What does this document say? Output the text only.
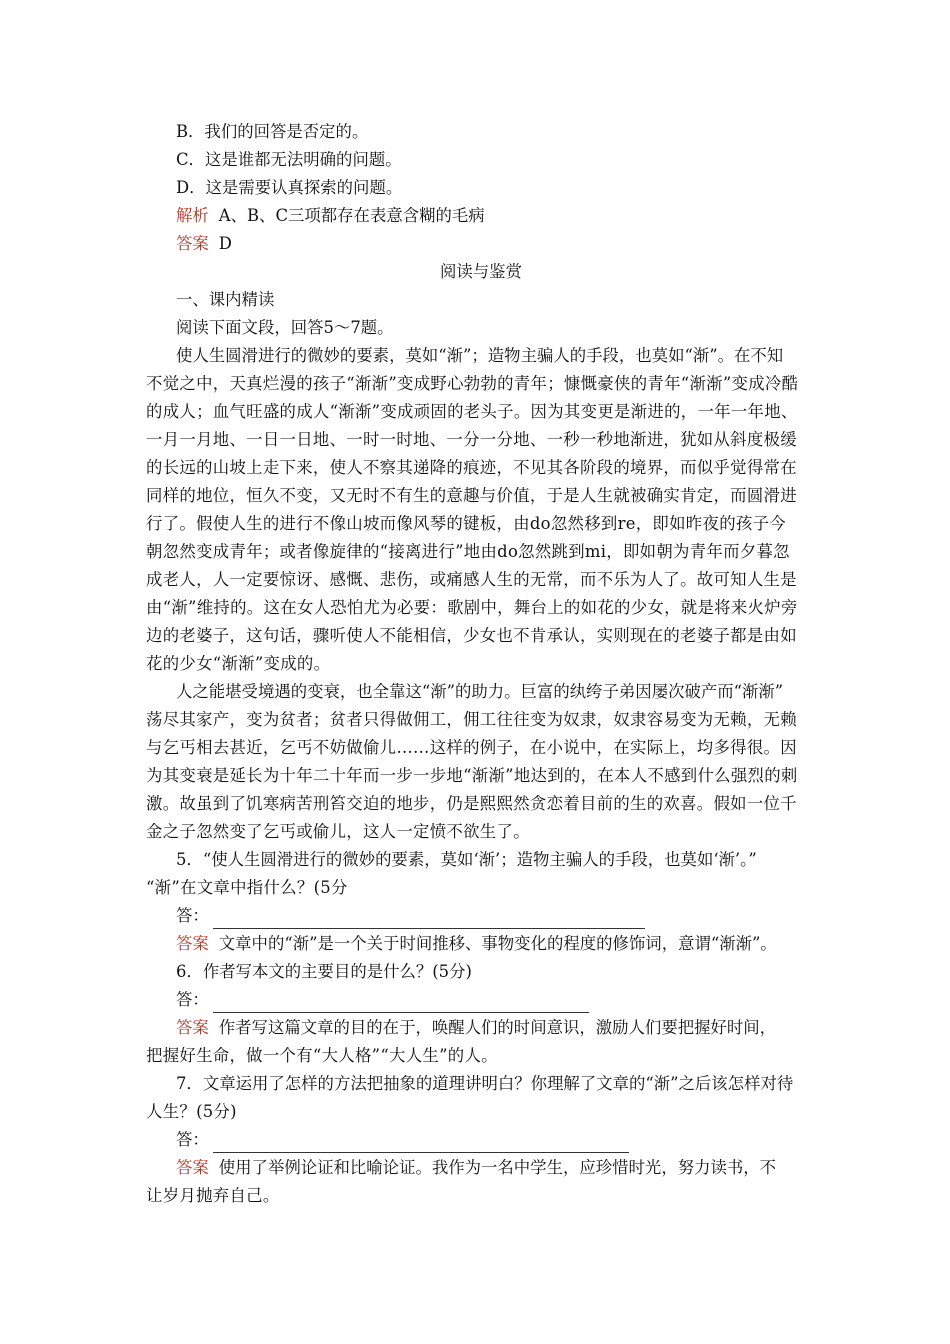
B．我们的回答是否定的。
C．这是谁都无法明确的问题。
D．这是需要认真探索的问题。
解析 A、B、C三项都存在表意含糊的毛病
答案 D
阅读与鉴赏
一、课内精读
阅读下面文段，回答5～7题。
使人生圆滑进行的微妙的要素，莫如“渐”；造物主骗人的手段，也莫如“渐”。在不知
不觉之中，天真烂漫的孩子“渐渐”变成野心勃勃的青年；慷慨豪侠的青年“渐渐”变成冷酷
的成人；血气旺盛的成人“渐渐”变成顽固的老头子。因为其变更是渐进的，一年一年地、
一月一月地、一日一日地、一时一时地、一分一分地、一秒一秒地渐进，犹如从斜度极缓
的长远的山坡上走下来，使人不察其递降的痕迹，不见其各阶段的境界，而似乎觉得常在
同样的地位，恒久不变，又无时不有生的意趣与价值，于是人生就被确实肯定，而圆滑进
行了。假使人生的进行不像山坡而像风琴的键板，由do忽然移到re，即如昨夜的孩子今
朝忽然变成青年；或者像旋律的“接离进行”地由do忽然跳到mi，即如朝为青年而夕暮忽
成老人，人一定要惊讶、感慨、悲伤，或痛感人生的无常，而不乐为人了。故可知人生是
由“渐”维持的。这在女人恐怕尤为必要：歌剧中，舞台上的如花的少女，就是将来火炉旁
边的老婆子，这句话，骤听使人不能相信，少女也不肯承认，实则现在的老婆子都是由如
花的少女“渐渐”变成的。
人之能堪受境遇的变衰，也全靠这“渐”的助力。巨富的纨绔子弟因屡次破产而“渐渐”
荡尽其家产，变为贫者；贫者只得做佣工，佣工往往变为奴隶，奴隶容易变为无赖，无赖
与乞丐相去甚近，乞丐不妨做偷儿……这样的例子，在小说中，在实际上，均多得很。因
为其变衰是延长为十年二十年而一步一步地“渐渐”地达到的，在本人不感到什么强烈的刺
激。故虽到了饥寒病苦刑笞交迫的地步，仍是熙熙然贪恋着目前的生的欢喜。假如一位千
金之子忽然变了乞丐或偷儿，这人一定愤不欲生了。
5．“使人生圆滑进行的微妙的要素，莫如‘渐’；造物主骗人的手段，也莫如‘渐’。”
“渐”在文章中指什么？(5分
答：
答案 文章中的“渐”是一个关于时间推移、事物变化的程度的修饰词，意谓“渐渐”。
6．作者写本文的主要目的是什么？(5分)
答：
答案 作者写这篇文章的目的在于，唤醒人们的时间意识，激励人们要把握好时间，
把握好生命，做一个有“大人格”“大人生”的人。
7．文章运用了怎样的方法把抽象的道理讲明白？你理解了文章的“渐”之后该怎样对待
人生？(5分)
答：
答案 使用了举例论证和比喻论证。我作为一名中学生，应珍惜时光，努力读书，不
让岁月抛弃自己。
